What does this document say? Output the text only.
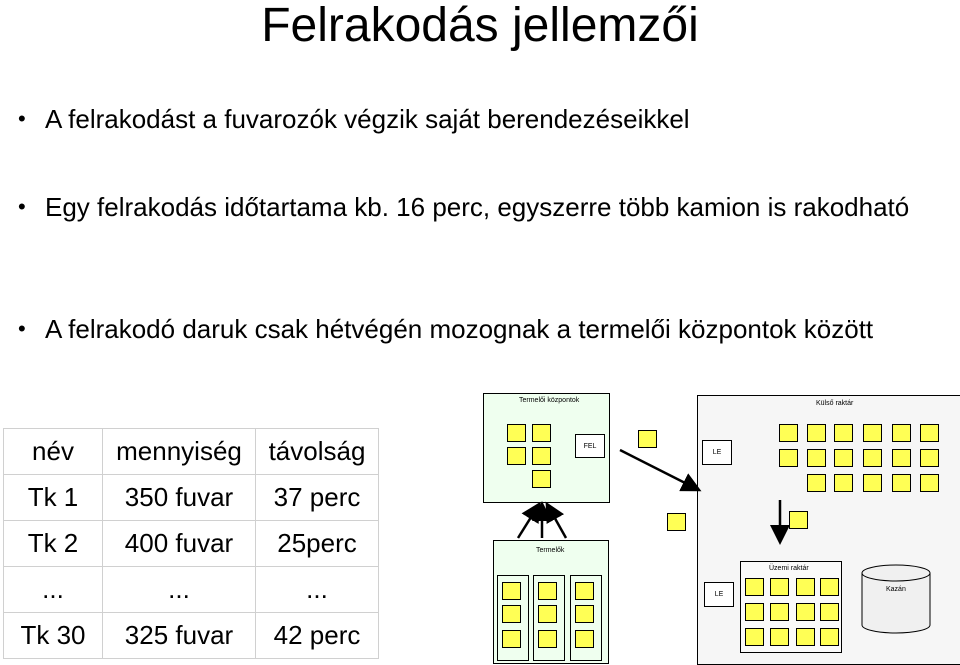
Felrakodás jellemzői
• A felrakodást a fuvarozók végzik saját berendezéseikkel
• Egy felrakodás időtartama kb. 16 perc, egyszerre több kamion is rakodható
• A felrakodó daruk csak hétvégén mozognak a termelői központok között
név	mennyiség	távolság
Tk 1	350 fuvar	37 perc
Tk 2	400 fuvar	25perc
...	...	...
Tk 30	325 fuvar	42 perc
Termelői központok
FEL
Termelők
Külső raktár
LE
Üzemi raktár
LE
Kazán
